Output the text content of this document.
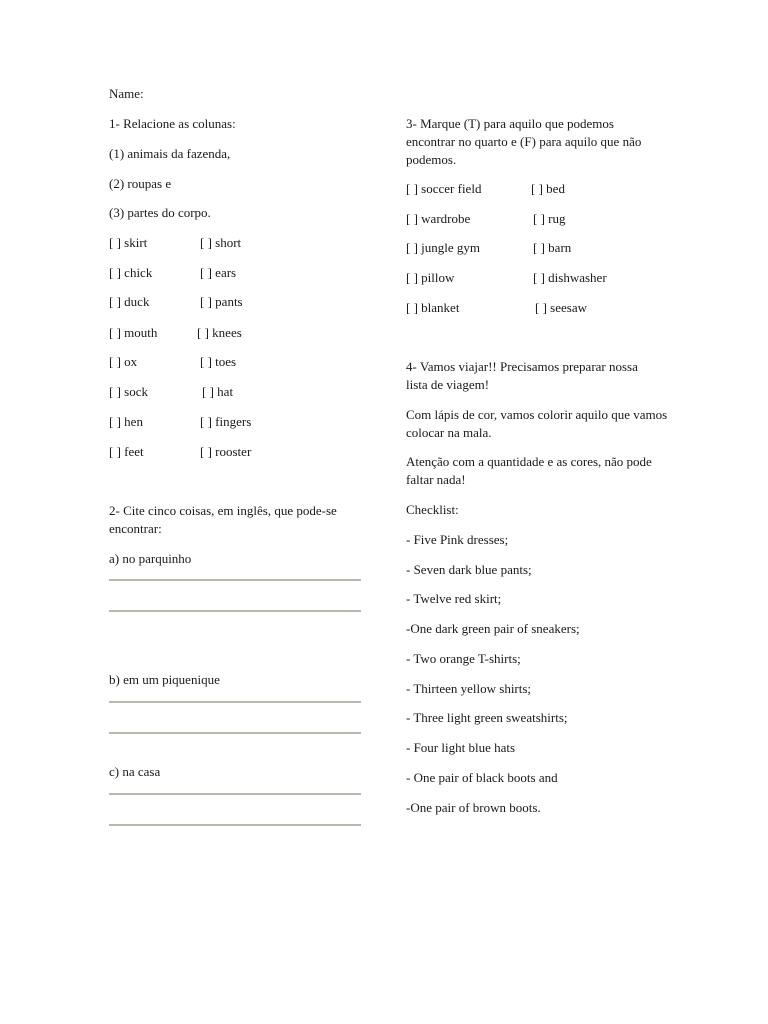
Name:
1- Relacione as colunas:
(1) animais da fazenda,
(2) roupas e
(3) partes do corpo.
[ ] skirt
[ ] chick
[ ] duck
[ ] mouth
[ ] ox
[ ] sock
[ ] hen
[ ] feet
[ ] short
[ ] ears
[ ] pants
[ ] knees
[ ] toes
[ ] hat
[ ] fingers
[ ] rooster
2- Cite cinco coisas, em inglês, que pode-se encontrar:
a) no parquinho
b) em um piquenique
c) na casa
3- Marque (T) para aquilo que podemos encontrar no quarto e (F) para aquilo que não podemos.
[ ] soccer field
[ ] wardrobe
[ ] jungle gym
[ ] pillow
[ ] blanket
[ ] bed
[ ] rug
[ ] barn
[ ] dishwasher
[ ] seesaw
4- Vamos viajar!! Precisamos preparar nossa lista de viagem!
Com lápis de cor, vamos colorir aquilo que vamos colocar na mala.
Atenção com a quantidade e as cores, não pode faltar nada!
Checklist:
- Five Pink dresses;
- Seven dark blue pants;
- Twelve red skirt;
-One dark green pair of sneakers;
- Two orange T-shirts;
- Thirteen yellow shirts;
- Three light green sweatshirts;
- Four light blue hats
- One pair of black boots and
-One pair of brown boots.
